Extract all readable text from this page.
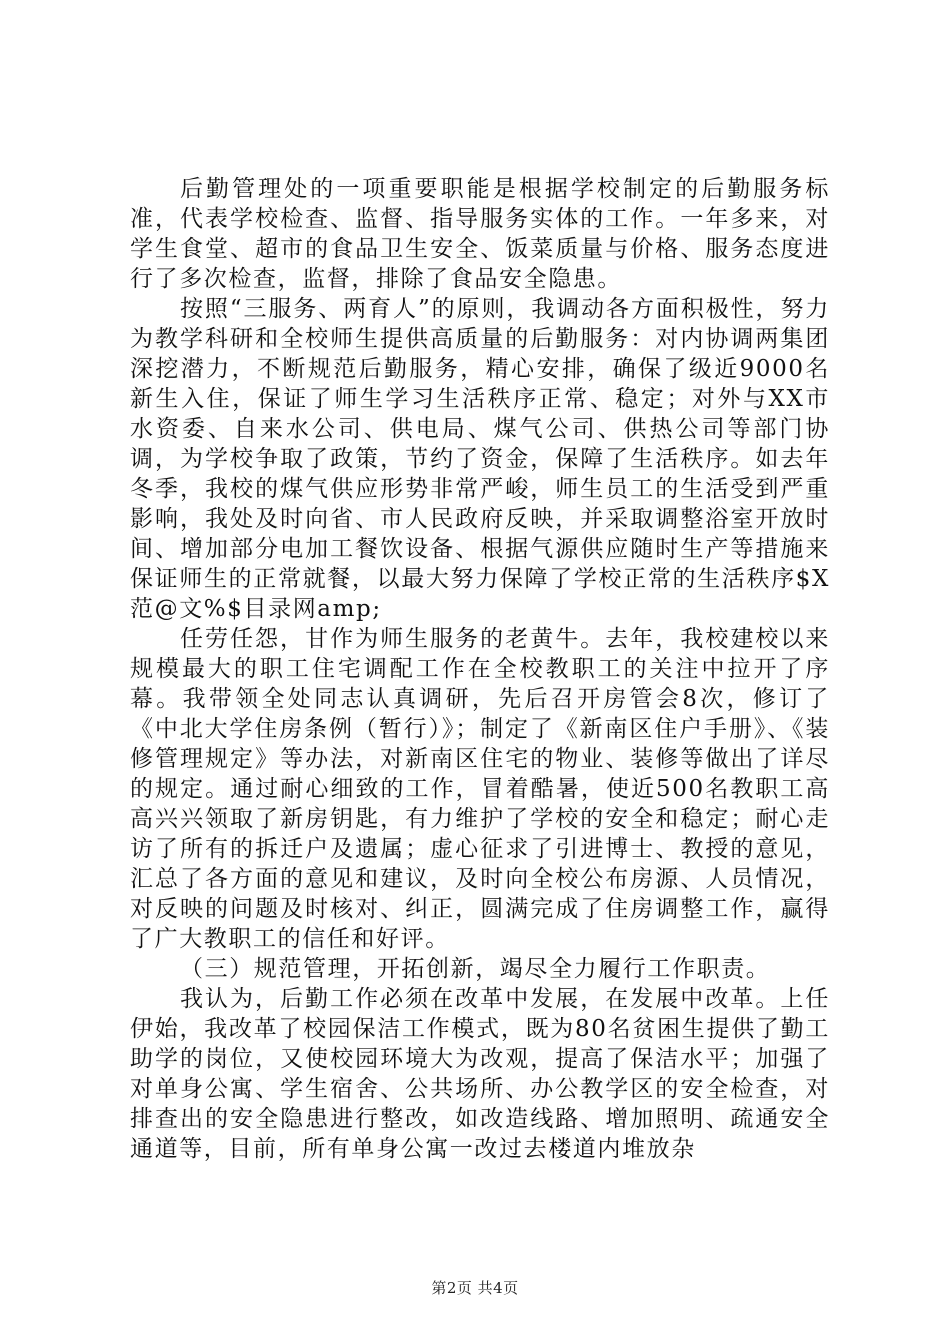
后勤管理处的一项重要职能是根据学校制定的后勤服务标准，代表学校检查、监督、指导服务实体的工作。一年多来，对学生食堂、超市的食品卫生安全、饭菜质量与价格、服务态度进行了多次检查，监督，排除了食品安全隐患。

按照“三服务、两育人”的原则，我调动各方面积极性，努力为教学科研和全校师生提供高质量的后勤服务：对内协调两集团深挖潜力，不断规范后勤服务，精心安排，确保了级近9000名新生入住，保证了师生学习生活秩序正常、稳定；对外与XX市水资委、自来水公司、供电局、煤气公司、供热公司等部门协调，为学校争取了政策，节约了资金，保障了生活秩序。如去年冬季，我校的煤气供应形势非常严峻，师生员工的生活受到严重影响，我处及时向省、市人民政府反映，并采取调整浴室开放时间、增加部分电加工餐饮设备、根据气源供应随时生产等措施来保证师生的正常就餐，以最大努力保障了学校正常的生活秩序$X范@文%$目录网amp;

任劳任怨，甘作为师生服务的老黄牛。去年，我校建校以来规模最大的职工住宅调配工作在全校教职工的关注中拉开了序幕。我带领全处同志认真调研，先后召开房管会8次，修订了《中北大学住房条例（暂行）》；制定了《新南区住户手册》、《装修管理规定》等办法，对新南区住宅的物业、装修等做出了详尽的规定。通过耐心细致的工作，冒着酷暑，使近500名教职工高高兴兴领取了新房钥匙，有力维护了学校的安全和稳定；耐心走访了所有的拆迁户及遗属；虚心征求了引进博士、教授的意见，汇总了各方面的意见和建议，及时向全校公布房源、人员情况，对反映的问题及时核对、纠正，圆满完成了住房调整工作，赢得了广大教职工的信任和好评。

（三）规范管理，开拓创新，竭尽全力履行工作职责。

我认为，后勤工作必须在改革中发展，在发展中改革。上任伊始，我改革了校园保洁工作模式，既为80名贫困生提供了勤工助学的岗位，又使校园环境大为改观，提高了保洁水平；加强了对单身公寓、学生宿舍、公共场所、办公教学区的安全检查，对排查出的安全隐患进行整改，如改造线路、增加照明、疏通安全通道等，目前，所有单身公寓一改过去楼道内堆放杂

第2页 共4页
